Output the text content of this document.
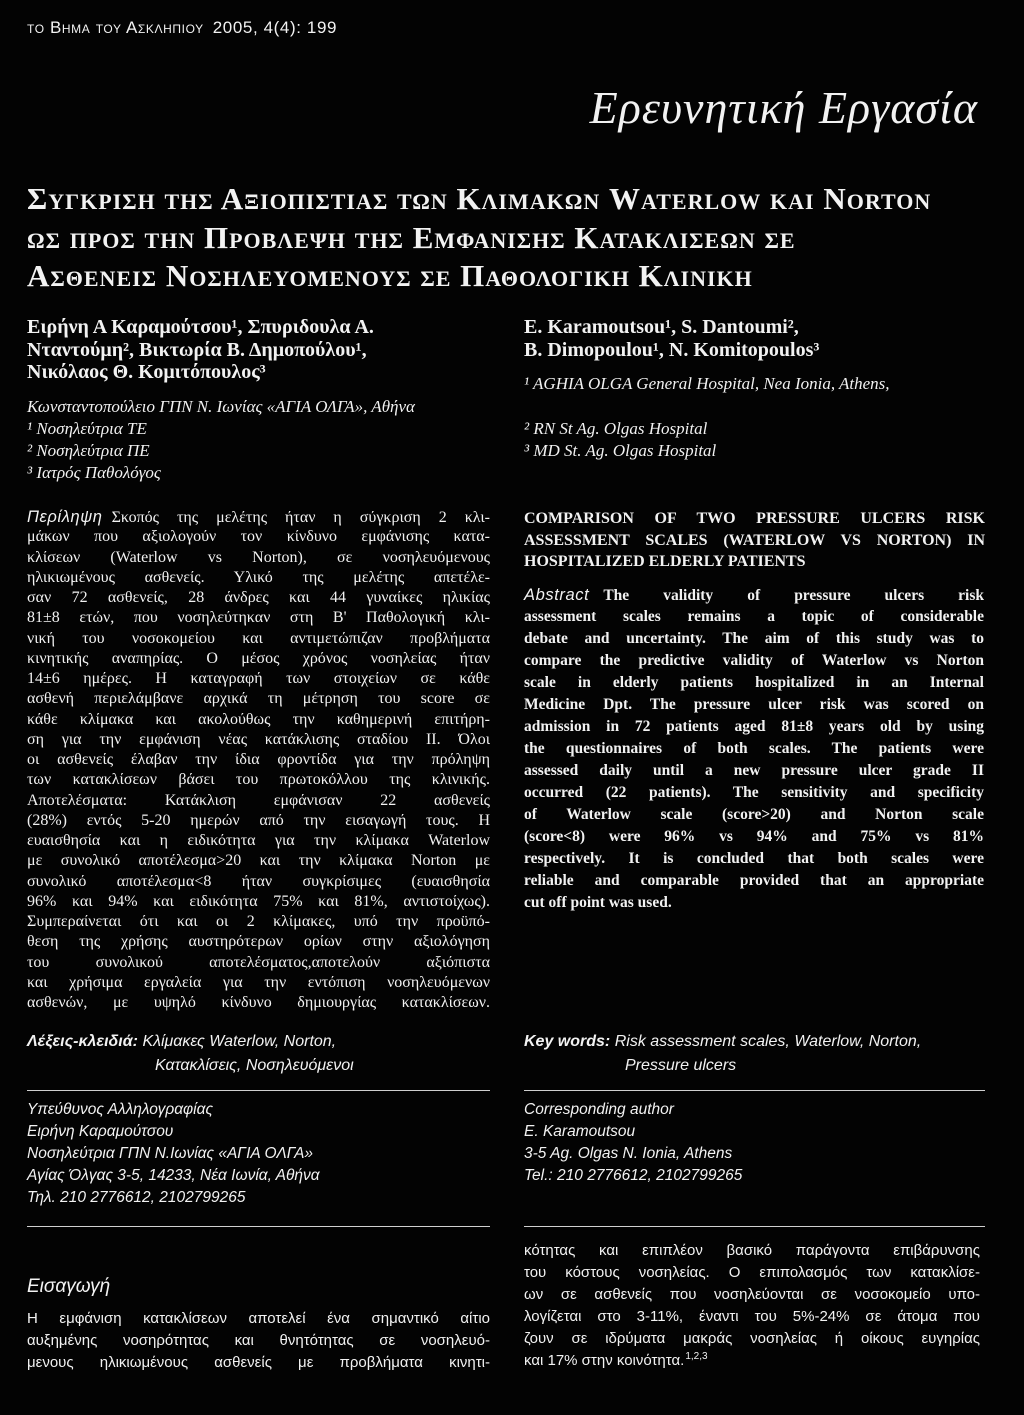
το Βημα του Ασκληπιου 2005, 4(4): 199
Ερευνητική Εργασία
Συγκριση της Αξιοπιστιας των Κλιμακων Waterlow και Norton
ως προς την Προβλεψη της Εμφανισης Κατακλισεων σε
Ασθενεις Νοσηλευομενους σε Παθολογικη Κλινικη
Ειρήνη Α Καραμούτσου¹, Σπυριδουλα Α.
Νταντούμη², Βικτωρία Β. Δημοπούλου¹,
Νικόλαος Θ. Κομιτόπουλος³
Κωνσταντοπούλειο ΓΠΝ Ν. Ιωνίας «ΑΓΙΑ ΟΛΓΑ», Αθήνα
¹ Νοσηλεύτρια ΤΕ
² Νοσηλεύτρια ΠΕ
³ Ιατρός Παθολόγος
E. Karamoutsou¹, S. Dantoumi²,
B. Dimopoulou¹, N. Komitopoulos³
¹ AGHIA OLGA General Hospital, Nea Ionia, Athens,
² RN St Ag. Olgas Hospital
³ MD St. Ag. Olgas Hospital
Περίληψη Σκοπός της μελέτης ήταν η σύγκριση 2 κλι-
μάκων που αξιολογούν τον κίνδυνο εμφάνισης κατα-
κλίσεων (Waterlow vs Norton), σε νοσηλευόμενους
ηλικιωμένους ασθενείς. Υλικό της μελέτης απετέλε-
σαν 72 ασθενείς, 28 άνδρες και 44 γυναίκες ηλικίας
81±8 ετών, που νοσηλεύτηκαν στη Β' Παθολογική κλι-
νική του νοσοκομείου και αντιμετώπιζαν προβλήματα
κινητικής αναπηρίας. Ο μέσος χρόνος νοσηλείας ήταν
14±6 ημέρες. Η καταγραφή των στοιχείων σε κάθε
ασθενή περιελάμβανε αρχικά τη μέτρηση του score σε
κάθε κλίμακα και ακολούθως την καθημερινή επιτήρη-
ση για την εμφάνιση νέας κατάκλισης σταδίου ΙΙ. Όλοι
οι ασθενείς έλαβαν την ίδια φροντίδα για την πρόληψη
των κατακλίσεων βάσει του πρωτοκόλλου της κλινικής.
Αποτελέσματα: Κατάκλιση εμφάνισαν 22 ασθενείς
(28%) εντός 5-20 ημερών από την εισαγωγή τους. Η
ευαισθησία και η ειδικότητα για την κλίμακα Waterlow
με συνολικό αποτέλεσμα>20 και την κλίμακα Norton με
συνολικό αποτέλεσμα<8 ήταν συγκρίσιμες (ευαισθησία
96% και 94% και ειδικότητα 75% και 81%, αντιστοίχως).
Συμπεραίνεται ότι και οι 2 κλίμακες, υπό την προϋπό-
θεση της χρήσης αυστηρότερων ορίων στην αξιολόγηση
του συνολικού αποτελέσματος,αποτελούν αξιόπιστα
και χρήσιμα εργαλεία για την εντόπιση νοσηλευόμενων
ασθενών, με υψηλό κίνδυνο δημιουργίας κατακλίσεων.
COMPARISON OF TWO PRESSURE ULCERS RISK
ASSESSMENT SCALES (WATERLOW VS NORTON) IN
HOSPITALIZED ELDERLY PATIENTS
Abstract The validity of pressure ulcers risk
assessment scales remains a topic of considerable
debate and uncertainty. The aim of this study was to
compare the predictive validity of Waterlow vs Norton
scale in elderly patients hospitalized in an Internal
Medicine Dpt. The pressure ulcer risk was scored on
admission in 72 patients aged 81±8 years old by using
the questionnaires of both scales. The patients were
assessed daily until a new pressure ulcer grade II
occurred (22 patients). The sensitivity and specificity
of Waterlow scale (score>20) and Norton scale
(score<8) were 96% vs 94% and 75% vs 81%
respectively. It is concluded that both scales were
reliable and comparable provided that an appropriate
cut off point was used.
Λέξεις-κλειδιά: Κλίμακες Waterlow, Norton,
Κατακλίσεις, Νοσηλευόμενοι
Key words: Risk assessment scales, Waterlow, Norton,
Pressure ulcers
Υπεύθυνος Αλληλογραφίας
Ειρήνη Καραμούτσου
Νοσηλεύτρια ΓΠΝ Ν.Ιωνίας «ΑΓΙΑ ΟΛΓΑ»
Αγίας Όλγας 3-5, 14233, Νέα Ιωνία, Αθήνα
Τηλ. 210 2776612, 2102799265
Corresponding author
E. Karamoutsou
3-5 Ag. Olgas N. Ionia, Athens
Tel.: 210 2776612, 2102799265
Εισαγωγή
Η εμφάνιση κατακλίσεων αποτελεί ένα σημαντικό αίτιο
αυξημένης νοσηρότητας και θνητότητας σε νοσηλευό-
μενους ηλικιωμένους ασθενείς με προβλήματα κινητι-
κότητας και επιπλέον βασικό παράγοντα επιβάρυνσης
του κόστους νοσηλείας. Ο επιπολασμός των κατακλίσε-
ων σε ασθενείς που νοσηλεύονται σε νοσοκομείο υπο-
λογίζεται στο 3-11%, έναντι του 5%-24% σε άτομα που
ζουν σε ιδρύματα μακράς νοσηλείας ή οίκους ευγηρίας
και 17% στην κοινότητα.$^{1,2,3}$
